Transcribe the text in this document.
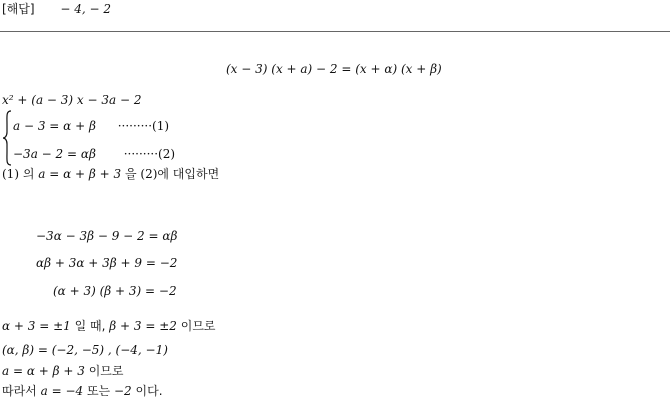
[해답] − 4, − 2
(x − 3) (x + a) − 2 = (x + α) (x + β)
x² + (a − 3) x − 3a − 2
a − 3 = α + β ·········(1)
−3a − 2 = αβ ·········(2)
(1) 의 a = α + β + 3 을 (2)에 대입하면
−3α − 3β − 9 − 2 = αβ
αβ + 3α + 3β + 9 = −2
(α + 3) (β + 3) = −2
α + 3 = ±1 일 때, β + 3 = ±2 이므로
(α, β) = (−2, −5) , (−4, −1)
a = α + β + 3 이므로
따라서 a = −4 또는 −2 이다.
